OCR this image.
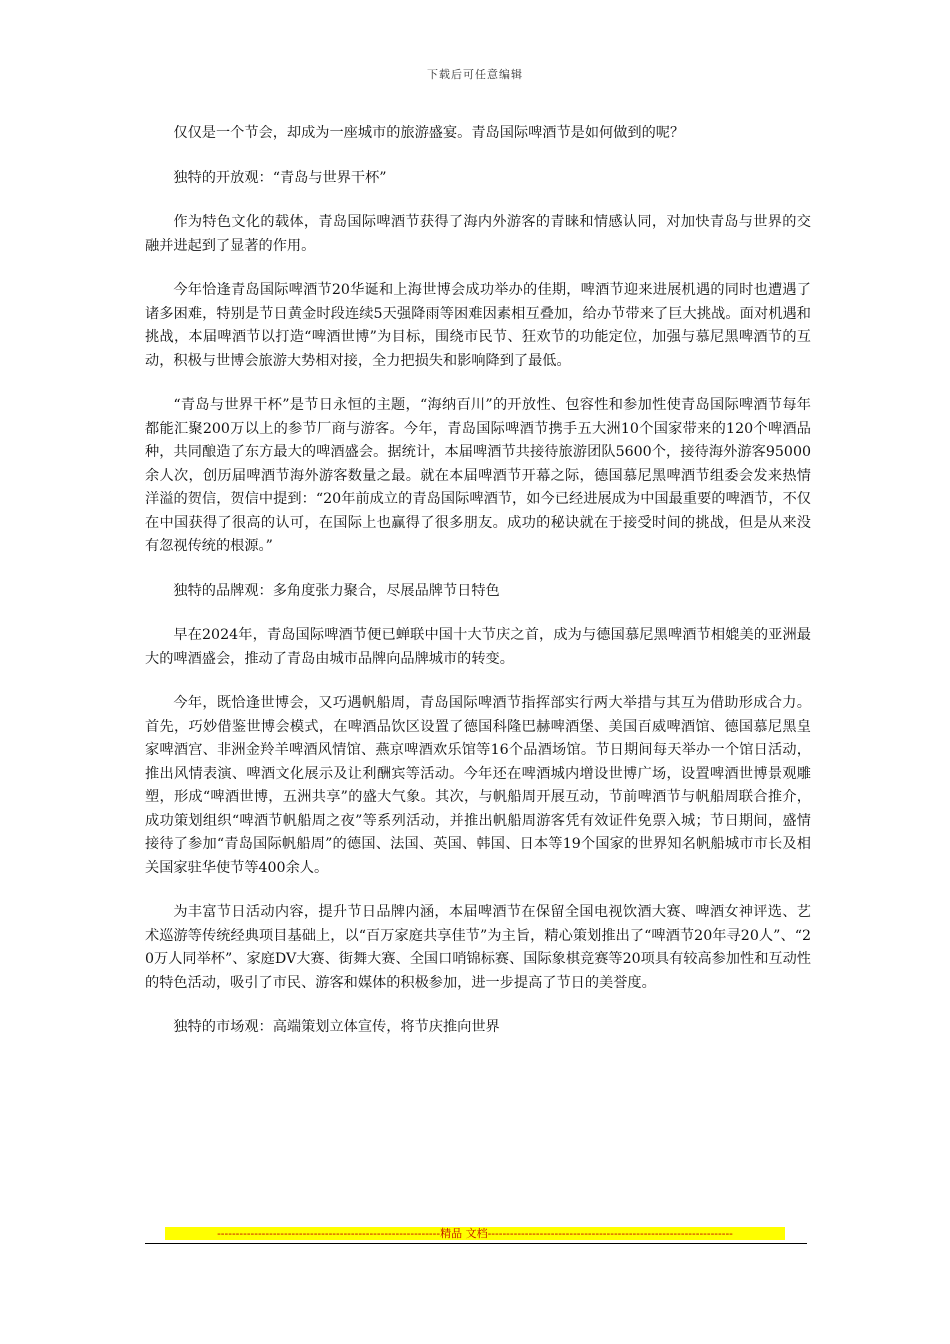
下载后可任意编辑

仅仅是一个节会，却成为一座城市的旅游盛宴。青岛国际啤酒节是如何做到的呢？

独特的开放观：“青岛与世界干杯”

作为特色文化的载体，青岛国际啤酒节获得了海内外游客的青睐和情感认同，对加快青岛与世界的交融并进起到了显著的作用。

今年恰逢青岛国际啤酒节20华诞和上海世博会成功举办的佳期，啤酒节迎来进展机遇的同时也遭遇了诸多困难，特别是节日黄金时段连续5天强降雨等困难因素相互叠加，给办节带来了巨大挑战。面对机遇和挑战，本届啤酒节以打造“啤酒世博”为目标，围绕市民节、狂欢节的功能定位，加强与慕尼黑啤酒节的互动，积极与世博会旅游大势相对接，全力把损失和影响降到了最低。

“青岛与世界干杯”是节日永恒的主题，“海纳百川”的开放性、包容性和参加性使青岛国际啤酒节每年都能汇聚200万以上的参节厂商与游客。今年，青岛国际啤酒节携手五大洲10个国家带来的120个啤酒品种，共同酿造了东方最大的啤酒盛会。据统计，本届啤酒节共接待旅游团队5600个，接待海外游客95000余人次，创历届啤酒节海外游客数量之最。就在本届啤酒节开幕之际，德国慕尼黑啤酒节组委会发来热情洋溢的贺信，贺信中提到：“20年前成立的青岛国际啤酒节，如今已经进展成为中国最重要的啤酒节，不仅在中国获得了很高的认可，在国际上也赢得了很多朋友。成功的秘诀就在于接受时间的挑战，但是从来没有忽视传统的根源。”

独特的品牌观：多角度张力聚合，尽展品牌节日特色

早在2024年，青岛国际啤酒节便已蝉联中国十大节庆之首，成为与德国慕尼黑啤酒节相媲美的亚洲最大的啤酒盛会，推动了青岛由城市品牌向品牌城市的转变。

今年，既恰逢世博会，又巧遇帆船周，青岛国际啤酒节指挥部实行两大举措与其互为借助形成合力。首先，巧妙借鉴世博会模式，在啤酒品饮区设置了德国科隆巴赫啤酒堡、美国百威啤酒馆、德国慕尼黑皇家啤酒宫、非洲金羚羊啤酒风情馆、燕京啤酒欢乐馆等16个品酒场馆。节日期间每天举办一个馆日活动，推出风情表演、啤酒文化展示及让利酬宾等活动。今年还在啤酒城内增设世博广场，设置啤酒世博景观雕塑，形成“啤酒世博，五洲共享”的盛大气象。其次，与帆船周开展互动，节前啤酒节与帆船周联合推介，成功策划组织“啤酒节帆船周之夜”等系列活动，并推出帆船周游客凭有效证件免票入城；节日期间，盛情接待了参加“青岛国际帆船周”的德国、法国、英国、韩国、日本等19个国家的世界知名帆船城市市长及相关国家驻华使节等400余人。

为丰富节日活动内容，提升节日品牌内涵，本届啤酒节在保留全国电视饮酒大赛、啤酒女神评选、艺术巡游等传统经典项目基础上，以“百万家庭共享佳节”为主旨，精心策划推出了“啤酒节20年寻20人”、“20万人同举杯”、家庭DV大赛、街舞大赛、全国口哨锦标赛、国际象棋竞赛等20项具有较高参加性和互动性的特色活动，吸引了市民、游客和媒体的积极参加，进一步提高了节日的美誉度。

独特的市场观：高端策划立体宣传，将节庆推向世界

------------------------------------------------------------精品 文档------------------------------------------------------------------
